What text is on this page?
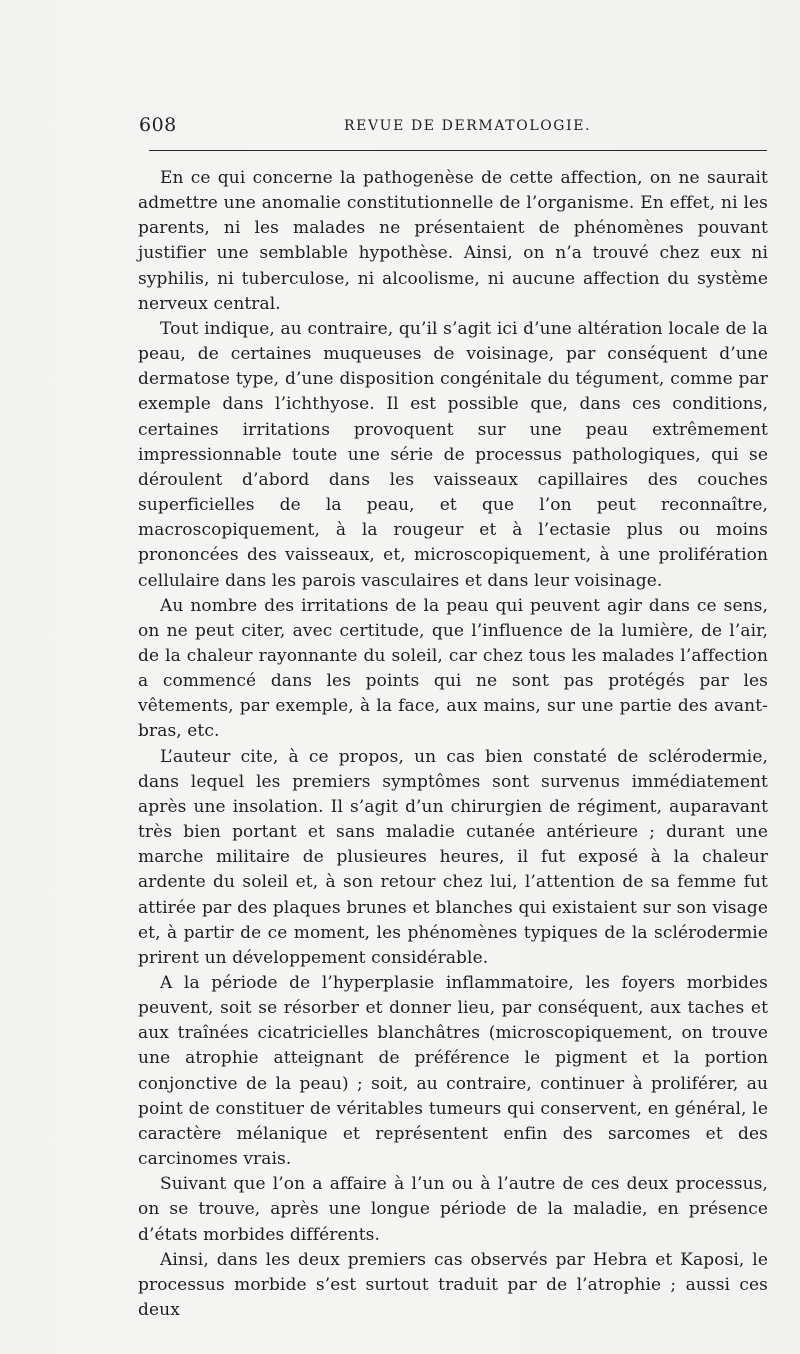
608	REVUE DE DERMATOLOGIE.

En ce qui concerne la pathogenèse de cette affection, on ne saurait admettre une anomalie constitutionnelle de l’organisme. En effet, ni les parents, ni les malades ne présentaient de phénomènes pouvant justifier une semblable hypothèse. Ainsi, on n’a trouvé chez eux ni syphilis, ni tuberculose, ni alcoolisme, ni aucune affection du système nerveux central.

Tout indique, au contraire, qu’il s’agit ici d’une altération locale de la peau, de certaines muqueuses de voisinage, par conséquent d’une dermatose type, d’une disposition congénitale du tégument, comme par exemple dans l’ichthyose. Il est possible que, dans ces conditions, certaines irritations provoquent sur une peau extrêmement impressionnable toute une série de processus pathologiques, qui se déroulent d’abord dans les vaisseaux capillaires des couches superficielles de la peau, et que l’on peut reconnaître, macroscopiquement, à la rougeur et à l’ectasie plus ou moins prononcées des vaisseaux, et, microscopiquement, à une prolifération cellulaire dans les parois vasculaires et dans leur voisinage.

Au nombre des irritations de la peau qui peuvent agir dans ce sens, on ne peut citer, avec certitude, que l’influence de la lumière, de l’air, de la chaleur rayonnante du soleil, car chez tous les malades l’affection a commencé dans les points qui ne sont pas protégés par les vêtements, par exemple, à la face, aux mains, sur une partie des avant-bras, etc.

L’auteur cite, à ce propos, un cas bien constaté de sclérodermie, dans lequel les premiers symptômes sont survenus immédiatement après une insolation. Il s’agit d’un chirurgien de régiment, auparavant très bien portant et sans maladie cutanée antérieure ; durant une marche militaire de plusieures heures, il fut exposé à la chaleur ardente du soleil et, à son retour chez lui, l’attention de sa femme fut attirée par des plaques brunes et blanches qui existaient sur son visage et, à partir de ce moment, les phénomènes typiques de la sclérodermie prirent un développement considérable.

A la période de l’hyperplasie inflammatoire, les foyers morbides peuvent, soit se résorber et donner lieu, par conséquent, aux taches et aux traînées cicatricielles blanchâtres (microscopiquement, on trouve une atrophie atteignant de préférence le pigment et la portion conjonctive de la peau) ; soit, au contraire, continuer à proliférer, au point de constituer de véritables tumeurs qui conservent, en général, le caractère mélanique et représentent enfin des sarcomes et des carcinomes vrais.

Suivant que l’on a affaire à l’un ou à l’autre de ces deux processus, on se trouve, après une longue période de la maladie, en présence d’états morbides différents.

Ainsi, dans les deux premiers cas observés par Hebra et Kaposi, le processus morbide s’est surtout traduit par de l’atrophie ; aussi ces deux
